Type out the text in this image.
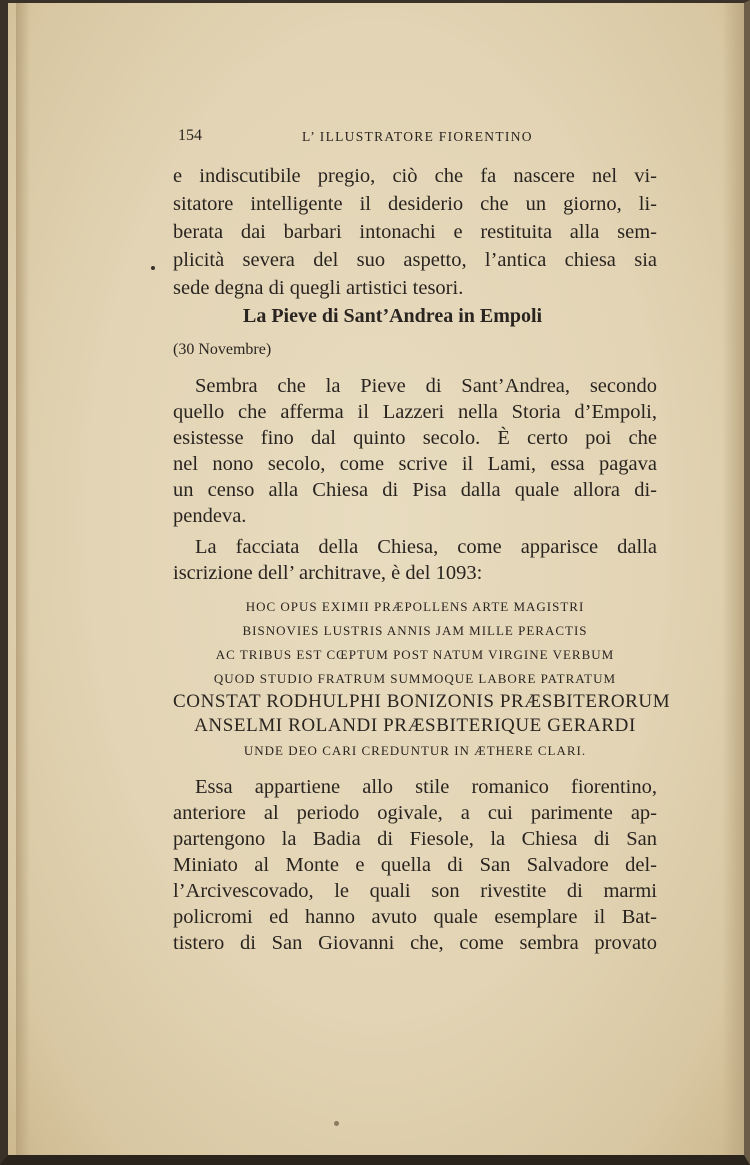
154	L’ ILLUSTRATORE FIORENTINO
e indiscutibile pregio, ciò che fa nascere nel vi-
sitatore intelligente il desiderio che un giorno, li-
berata dai barbari intonachi e restituita alla sem-
plicità severa del suo aspetto, l’antica chiesa sia
sede degna di quegli artistici tesori.
La Pieve di Sant’Andrea in Empoli
(30 Novembre)
Sembra che la Pieve di Sant’Andrea, secondo
quello che afferma il Lazzeri nella Storia d’Empoli,
esistesse fino dal quinto secolo. È certo poi che
nel nono secolo, come scrive il Lami, essa pagava
un censo alla Chiesa di Pisa dalla quale allora di-
pendeva.
La facciata della Chiesa, come apparisce dalla
iscrizione dell’ architrave, è del 1093:
HOC OPUS EXIMII PRÆPOLLENS ARTE MAGISTRI
BISNOVIES LUSTRIS ANNIS JAM MILLE PERACTIS
AC TRIBUS EST CŒPTUM POST NATUM VIRGINE VERBUM
QUOD STUDIO FRATRUM SUMMOQUE LABORE PATRATUM
CONSTAT RODHULPHI BONIZONIS PRÆSBITERORUM
ANSELMI ROLANDI PRÆSBITERIQUE GERARDI
UNDE DEO CARI CREDUNTUR IN ÆTHERE CLARI.
Essa appartiene allo stile romanico fiorentino,
anteriore al periodo ogivale, a cui parimente ap-
partengono la Badia di Fiesole, la Chiesa di San
Miniato al Monte e quella di San Salvadore del-
l’Arcivescovado, le quali son rivestite di marmi
policromi ed hanno avuto quale esemplare il Bat-
tistero di San Giovanni che, come sembra provato
